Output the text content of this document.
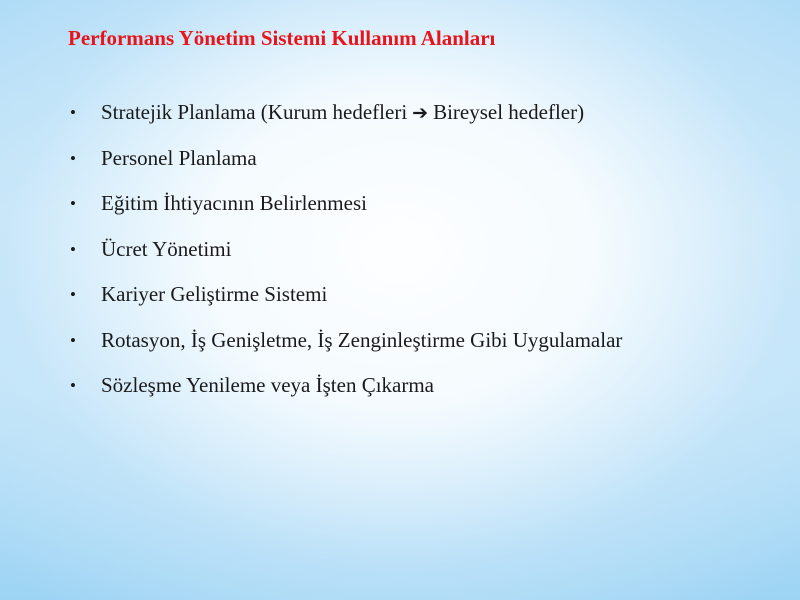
Performans Yönetim Sistemi Kullanım Alanları
•	Stratejik Planlama (Kurum hedefleri ➔ Bireysel hedefler)
•	Personel Planlama
•	Eğitim İhtiyacının Belirlenmesi
•	Ücret Yönetimi
•	Kariyer Geliştirme Sistemi
•	Rotasyon, İş Genişletme, İş Zenginleştirme Gibi Uygulamalar
•	Sözleşme Yenileme veya İşten Çıkarma
